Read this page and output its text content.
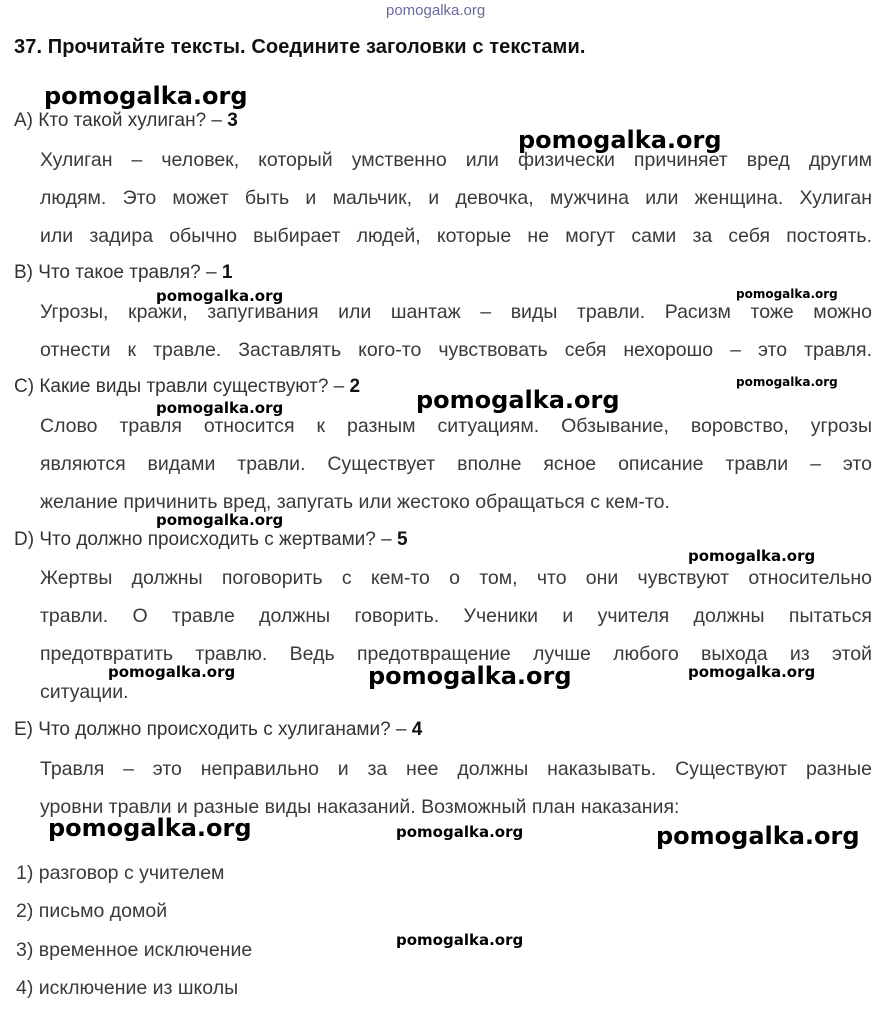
pomogalka.org
37. Прочитайте тексты. Соедините заголовки с текстами.
A) Кто такой хулиган? – 3
Хулиган – человек, который умственно или физически причиняет вред другим
людям. Это может быть и мальчик, и девочка, мужчина или женщина. Хулиган
или задира обычно выбирает людей, которые не могут сами за себя постоять.
B) Что такое травля? – 1
Угрозы, кражи, запугивания или шантаж – виды травли. Расизм тоже можно
отнести к травле. Заставлять кого-то чувствовать себя нехорошо – это травля.
C) Какие виды травли существуют? – 2
Слово травля относится к разным ситуациям. Обзывание, воровство, угрозы
являются видами травли. Существует вполне ясное описание травли – это
желание причинить вред, запугать или жестоко обращаться с кем-то.
D) Что должно происходить с жертвами? – 5
Жертвы должны поговорить с кем-то о том, что они чувствуют относительно
травли. О травле должны говорить. Ученики и учителя должны пытаться
предотвратить травлю. Ведь предотвращение лучше любого выхода из этой
ситуации.
E) Что должно происходить с хулиганами? – 4
Травля – это неправильно и за нее должны наказывать. Существуют разные
уровни травли и разные виды наказаний. Возможный план наказания:
1) разговор с учителем
2) письмо домой
3) временное исключение
4) исключение из школы
pomogalka.org
pomogalka.org
pomogalka.org	pomogalka.org
pomogalka.org
pomogalka.org
pomogalka.org
pomogalka.org
pomogalka.org
pomogalka.org	pomogalka.org	pomogalka.org
pomogalka.org	pomogalka.org	pomogalka.org
pomogalka.org
